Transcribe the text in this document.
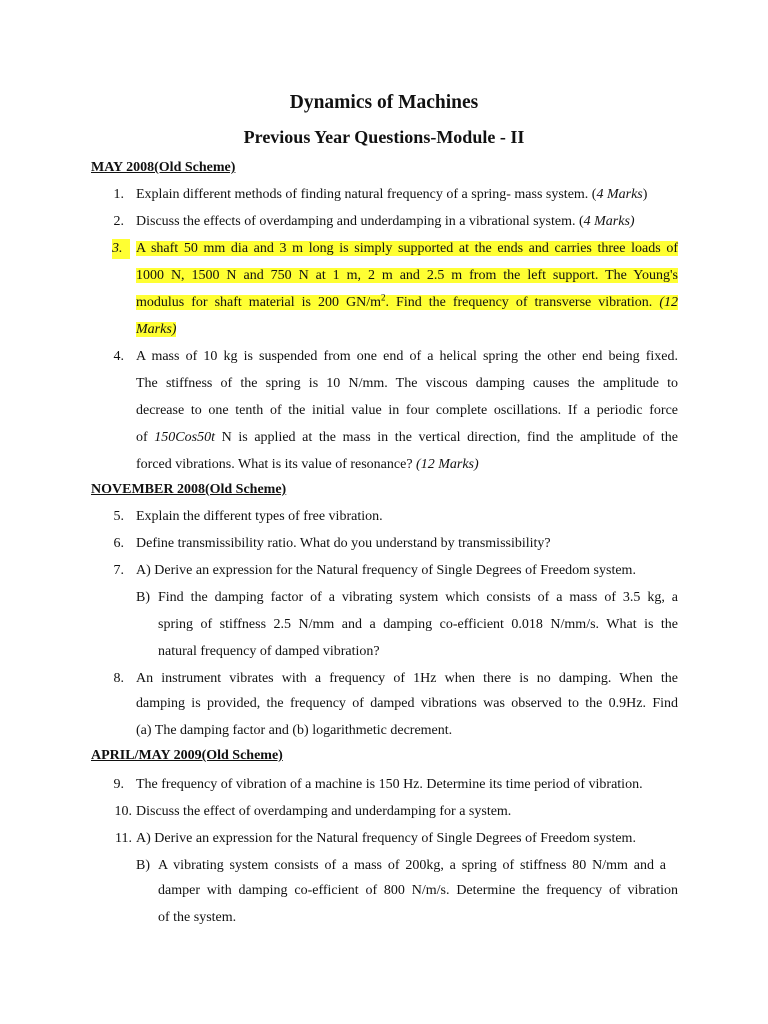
Dynamics of Machines
Previous Year Questions-Module - II
MAY 2008(Old Scheme)
1. Explain different methods of finding natural frequency of a spring- mass system. (4 Marks)
2. Discuss the effects of overdamping and underdamping in a vibrational system. (4 Marks)
3. A shaft 50 mm dia and 3 m long is simply supported at the ends and carries three loads of
1000 N, 1500 N and 750 N at 1 m, 2 m and 2.5 m from the left support. The Young's
modulus for shaft material is 200 $GN/m^2$. Find the frequency of transverse vibration. (12
Marks)
4. A mass of 10 kg is suspended from one end of a helical spring the other end being fixed.
The stiffness of the spring is 10 N/mm. The viscous damping causes the amplitude to
decrease to one tenth of the initial value in four complete oscillations. If a periodic force
of 150Cos50t N is applied at the mass in the vertical direction, find the amplitude of the
forced vibrations. What is its value of resonance? (12 Marks)
NOVEMBER 2008(Old Scheme)
5. Explain the different types of free vibration.
6. Define transmissibility ratio. What do you understand by transmissibility?
7. A) Derive an expression for the Natural frequency of Single Degrees of Freedom system.
B) Find the damping factor of a vibrating system which consists of a mass of 3.5 kg, a
spring of stiffness 2.5 N/mm and a damping co-efficient 0.018 N/mm/s. What is the
natural frequency of damped vibration?
8. An instrument vibrates with a frequency of 1Hz when there is no damping. When the
damping is provided, the frequency of damped vibrations was observed to the 0.9Hz. Find
(a) The damping factor and (b) logarithmetic decrement.
APRIL/MAY 2009(Old Scheme)
9. The frequency of vibration of a machine is 150 Hz. Determine its time period of vibration.
10. Discuss the effect of overdamping and underdamping for a system.
11. A) Derive an expression for the Natural frequency of Single Degrees of Freedom system.
B) A vibrating system consists of a mass of 200kg, a spring of stiffness 80 N/mm and a
damper with damping co-efficient of 800 N/m/s. Determine the frequency of vibration
of the system.
